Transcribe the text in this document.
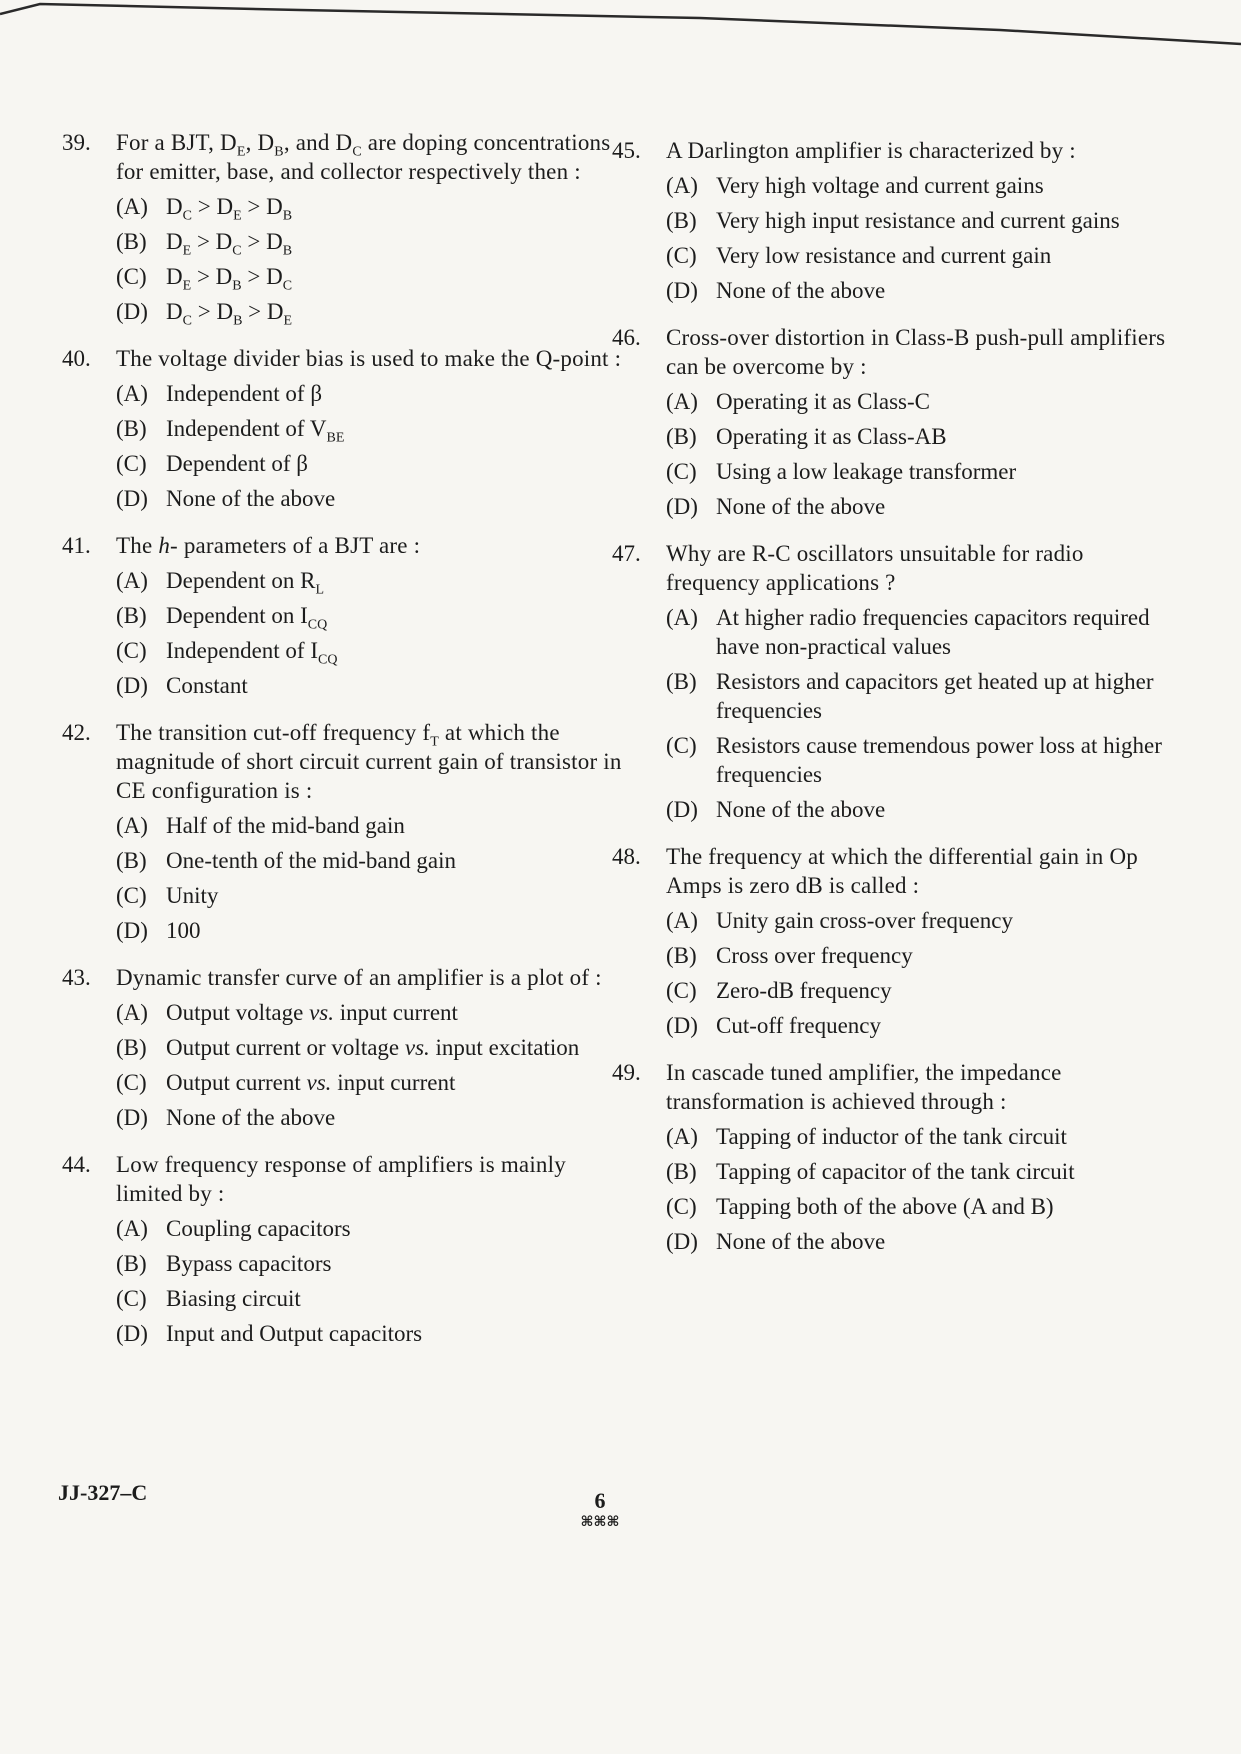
39. For a BJT, $D_E$, $D_B$, and $D_C$ are doping concentrations for emitter, base, and collector respectively then :
(A) $D_C > D_E > D_B$
(B) $D_E > D_C > D_B$
(C) $D_E > D_B > D_C$
(D) $D_C > D_B > D_E$
40. The voltage divider bias is used to make the Q-point :
(A) Independent of β
(B) Independent of $V_{BE}$
(C) Dependent of β
(D) None of the above
41. The h- parameters of a BJT are :
(A) Dependent on $R_L$
(B) Dependent on $I_{CQ}$
(C) Independent of $I_{CQ}$
(D) Constant
42. The transition cut-off frequency $f_T$ at which the magnitude of short circuit current gain of transistor in CE configuration is :
(A) Half of the mid-band gain
(B) One-tenth of the mid-band gain
(C) Unity
(D) 100
43. Dynamic transfer curve of an amplifier is a plot of :
(A) Output voltage vs. input current
(B) Output current or voltage vs. input excitation
(C) Output current vs. input current
(D) None of the above
44. Low frequency response of amplifiers is mainly limited by :
(A) Coupling capacitors
(B) Bypass capacitors
(C) Biasing circuit
(D) Input and Output capacitors
45. A Darlington amplifier is characterized by :
(A) Very high voltage and current gains
(B) Very high input resistance and current gains
(C) Very low resistance and current gain
(D) None of the above
46. Cross-over distortion in Class-B push-pull amplifiers can be overcome by :
(A) Operating it as Class-C
(B) Operating it as Class-AB
(C) Using a low leakage transformer
(D) None of the above
47. Why are R-C oscillators unsuitable for radio frequency applications ?
(A) At higher radio frequencies capacitors required have non-practical values
(B) Resistors and capacitors get heated up at higher frequencies
(C) Resistors cause tremendous power loss at higher frequencies
(D) None of the above
48. The frequency at which the differential gain in Op Amps is zero dB is called :
(A) Unity gain cross-over frequency
(B) Cross over frequency
(C) Zero-dB frequency
(D) Cut-off frequency
49. In cascade tuned amplifier, the impedance transformation is achieved through :
(A) Tapping of inductor of the tank circuit
(B) Tapping of capacitor of the tank circuit
(C) Tapping both of the above (A and B)
(D) None of the above
JJ-327–C	6
⌘⌘⌘
